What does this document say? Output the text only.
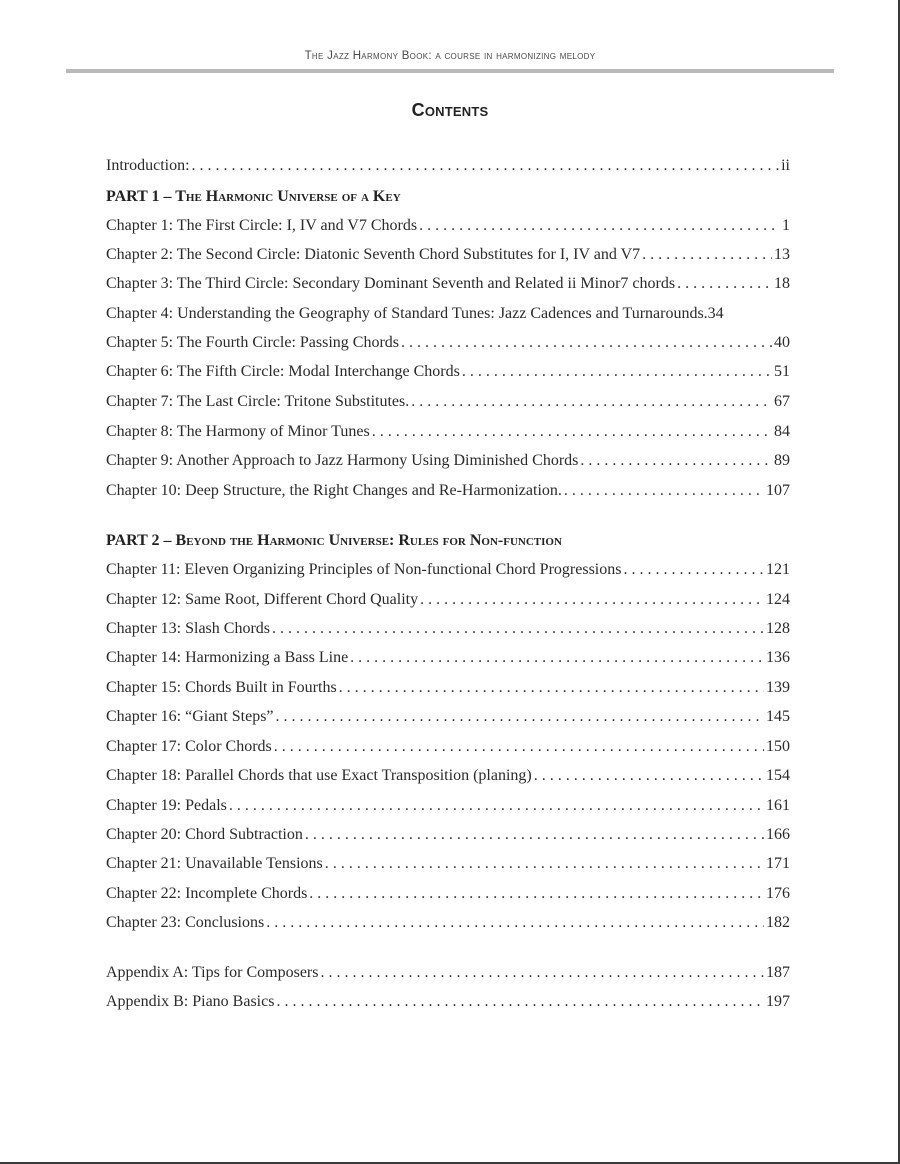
The Jazz Harmony Book: a course in harmonizing melody
Contents
Introduction: . . .	ii
PART 1 – The Harmonic Universe of a Key
Chapter 1: The First Circle: I, IV and V7 Chords . . .	1
Chapter 2: The Second Circle: Diatonic Seventh Chord Substitutes for I, IV and V7 . . .	13
Chapter 3: The Third Circle: Secondary Dominant Seventh and Related ii Minor7 chords . . .	18
Chapter 4: Understanding the Geography of Standard Tunes: Jazz Cadences and Turnarounds. 34
Chapter 5: The Fourth Circle: Passing Chords . . .	40
Chapter 6: The Fifth Circle: Modal Interchange Chords . . .	51
Chapter 7: The Last Circle: Tritone Substitutes. . . .	67
Chapter 8: The Harmony of Minor Tunes . . .	84
Chapter 9: Another Approach to Jazz Harmony Using Diminished Chords . . .	89
Chapter 10: Deep Structure, the Right Changes and Re-Harmonization. . . .	107
PART 2 – Beyond the Harmonic Universe: Rules for Non-function
Chapter 11: Eleven Organizing Principles of Non-functional Chord Progressions . . .	121
Chapter 12: Same Root, Different Chord Quality . . .	124
Chapter 13: Slash Chords . . .	128
Chapter 14: Harmonizing a Bass Line . . .	136
Chapter 15: Chords Built in Fourths . . .	139
Chapter 16: “Giant Steps” . . .	145
Chapter 17: Color Chords . . .	150
Chapter 18: Parallel Chords that use Exact Transposition (planing) . . .	154
Chapter 19: Pedals . . .	161
Chapter 20: Chord Subtraction . . .	166
Chapter 21: Unavailable Tensions . . .	171
Chapter 22: Incomplete Chords . . .	176
Chapter 23: Conclusions . . .	182
Appendix A: Tips for Composers . . .	187
Appendix B: Piano Basics . . .	197
